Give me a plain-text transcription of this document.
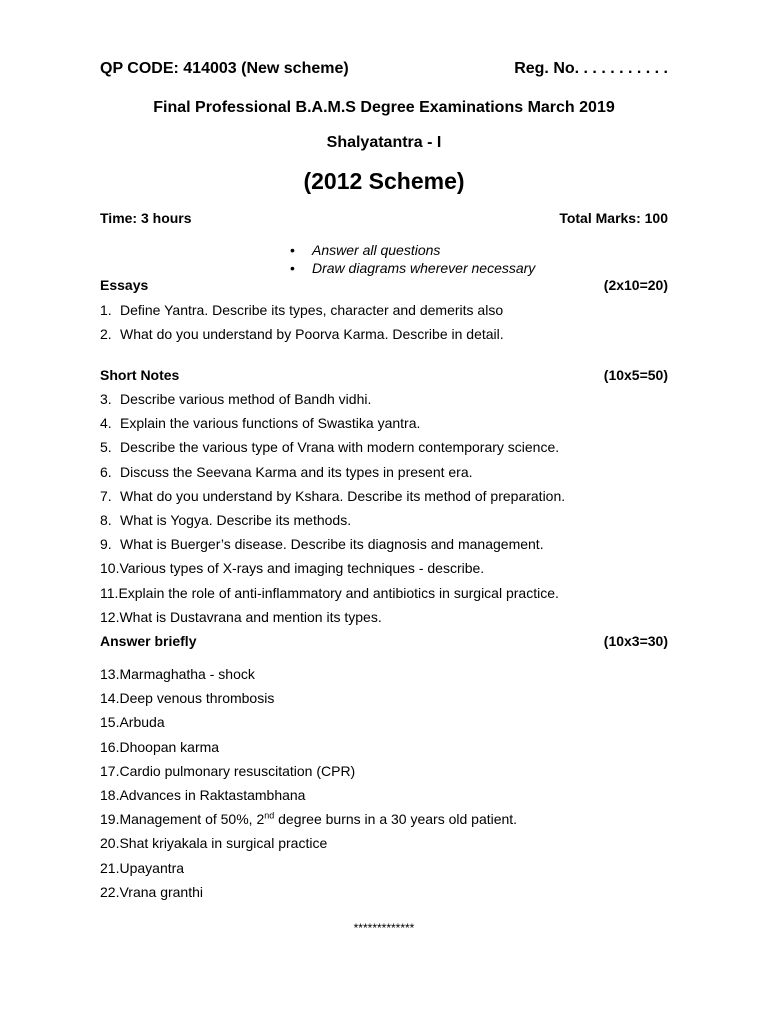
QP CODE: 414003 (New scheme)	Reg. No. . . . . . . . . . .
Final Professional B.A.M.S Degree Examinations March 2019
Shalyatantra - I
(2012 Scheme)
Time: 3 hours	Total Marks: 100
• Answer all questions
• Draw diagrams wherever necessary
Essays	(2x10=20)
1. Define Yantra. Describe its types, character and demerits also
2. What do you understand by Poorva Karma. Describe in detail.
Short Notes	(10x5=50)
3. Describe various method of Bandh vidhi.
4. Explain the various functions of Swastika yantra.
5. Describe the various type of Vrana with modern contemporary science.
6. Discuss the Seevana Karma and its types in present era.
7. What do you understand by Kshara. Describe its method of preparation.
8. What is Yogya. Describe its methods.
9. What is Buerger’s disease. Describe its diagnosis and management.
10.Various types of X-rays and imaging techniques - describe.
11.Explain the role of anti-inflammatory and antibiotics in surgical practice.
12.What is Dustavrana and mention its types.
Answer briefly	(10x3=30)
13.Marmaghatha - shock
14.Deep venous thrombosis
15.Arbuda
16.Dhoopan karma
17.Cardio pulmonary resuscitation (CPR)
18.Advances in Raktastambhana
19.Management of 50%, 2nd degree burns in a 30 years old patient.
20.Shat kriyakala in surgical practice
21.Upayantra
22.Vrana granthi
*************
